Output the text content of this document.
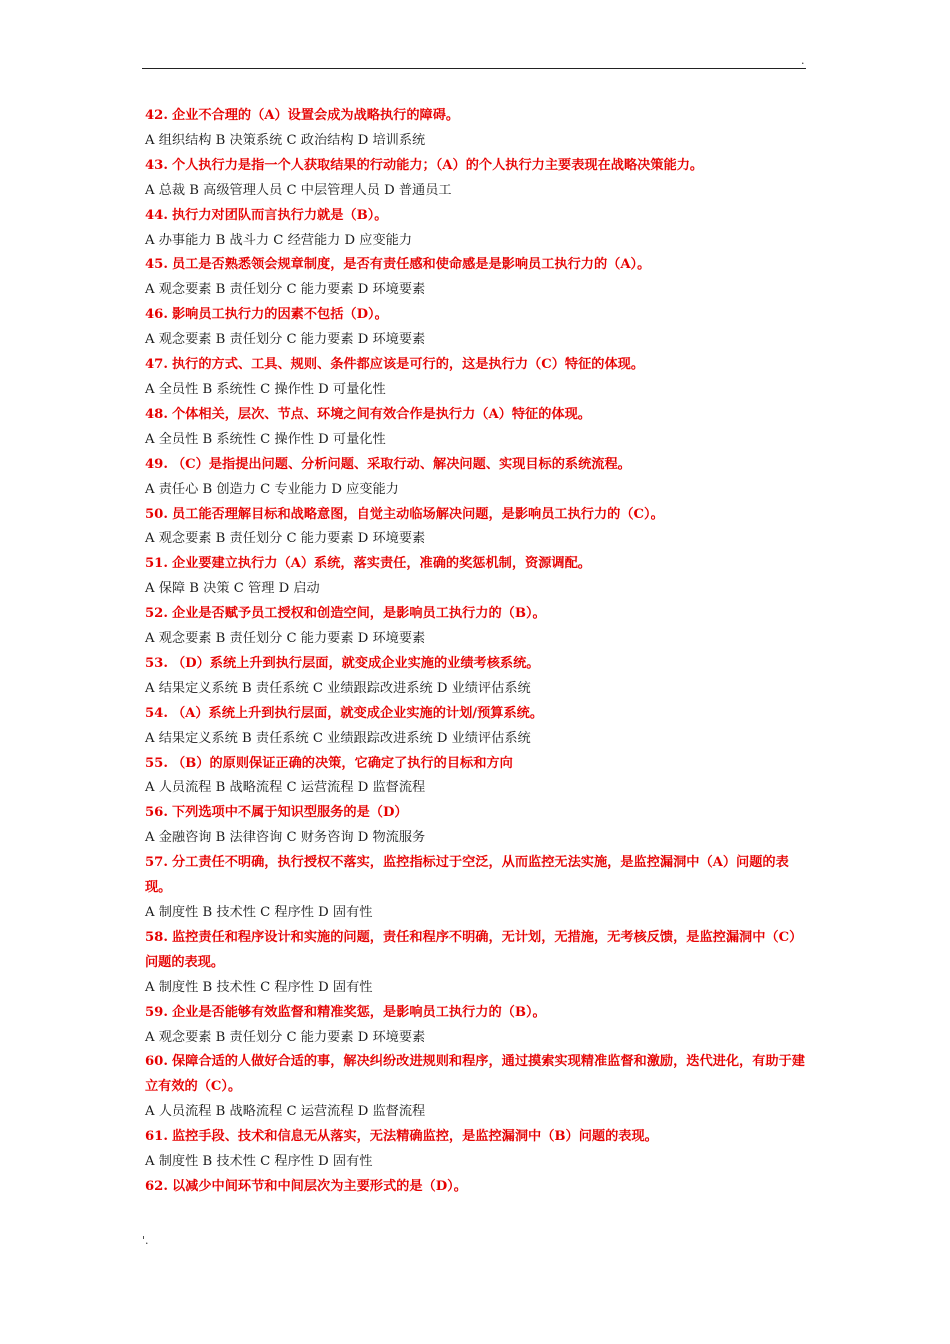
.

42. 企业不合理的（A）设置会成为战略执行的障碍。

A 组织结构 B 决策系统 C 政治结构 D 培训系统

43. 个人执行力是指一个人获取结果的行动能力；（A）的个人执行力主要表现在战略决策能力。

A 总裁 B 高级管理人员 C 中层管理人员 D 普通员工

44. 执行力对团队而言执行力就是（B）。

A 办事能力 B 战斗力 C 经营能力 D 应变能力

45. 员工是否熟悉领会规章制度，是否有责任感和使命感是是影响员工执行力的（A）。

A 观念要素 B 责任划分 C 能力要素 D 环境要素

46. 影响员工执行力的因素不包括（D）。

A 观念要素 B 责任划分 C 能力要素 D 环境要素

47. 执行的方式、工具、规则、条件都应该是可行的，这是执行力（C）特征的体现。

A 全员性 B 系统性 C 操作性 D 可量化性

48. 个体相关，层次、节点、环境之间有效合作是执行力（A）特征的体现。

A 全员性 B 系统性 C 操作性 D 可量化性

49. （C）是指提出问题、分析问题、采取行动、解决问题、实现目标的系统流程。

A 责任心 B 创造力 C 专业能力 D 应变能力

50. 员工能否理解目标和战略意图，自觉主动临场解决问题，是影响员工执行力的（C）。

A 观念要素 B 责任划分 C 能力要素 D 环境要素

51. 企业要建立执行力（A）系统，落实责任，准确的奖惩机制，资源调配。

A 保障 B 决策 C 管理 D 启动

52. 企业是否赋予员工授权和创造空间，是影响员工执行力的（B）。

A 观念要素 B 责任划分 C 能力要素 D 环境要素

53. （D）系统上升到执行层面，就变成企业实施的业绩考核系统。

A 结果定义系统 B 责任系统 C 业绩跟踪改进系统 D 业绩评估系统

54. （A）系统上升到执行层面，就变成企业实施的计划/预算系统。

A 结果定义系统 B 责任系统 C 业绩跟踪改进系统 D 业绩评估系统

55. （B）的原则保证正确的决策，它确定了执行的目标和方向

A 人员流程 B 战略流程 C 运营流程 D 监督流程

56. 下列选项中不属于知识型服务的是（D）

A 金融咨询 B 法律咨询 C 财务咨询 D 物流服务

57. 分工责任不明确，执行授权不落实，监控指标过于空泛，从而监控无法实施，是监控漏洞中（A）问题的表现。

A 制度性 B 技术性 C 程序性 D 固有性

58. 监控责任和程序设计和实施的问题，责任和程序不明确，无计划，无措施，无考核反馈，是监控漏洞中（C）问题的表现。

A 制度性 B 技术性 C 程序性 D 固有性

59. 企业是否能够有效监督和精准奖惩，是影响员工执行力的（B）。

A 观念要素 B 责任划分 C 能力要素 D 环境要素

60. 保障合适的人做好合适的事，解决纠纷改进规则和程序，通过摸索实现精准监督和激励，迭代进化，有助于建立有效的（C）。

A 人员流程 B 战略流程 C 运营流程 D 监督流程

61. 监控手段、技术和信息无从落实，无法精确监控，是监控漏洞中（B）问题的表现。

A 制度性 B 技术性 C 程序性 D 固有性

62. 以减少中间环节和中间层次为主要形式的是（D）。

'.
